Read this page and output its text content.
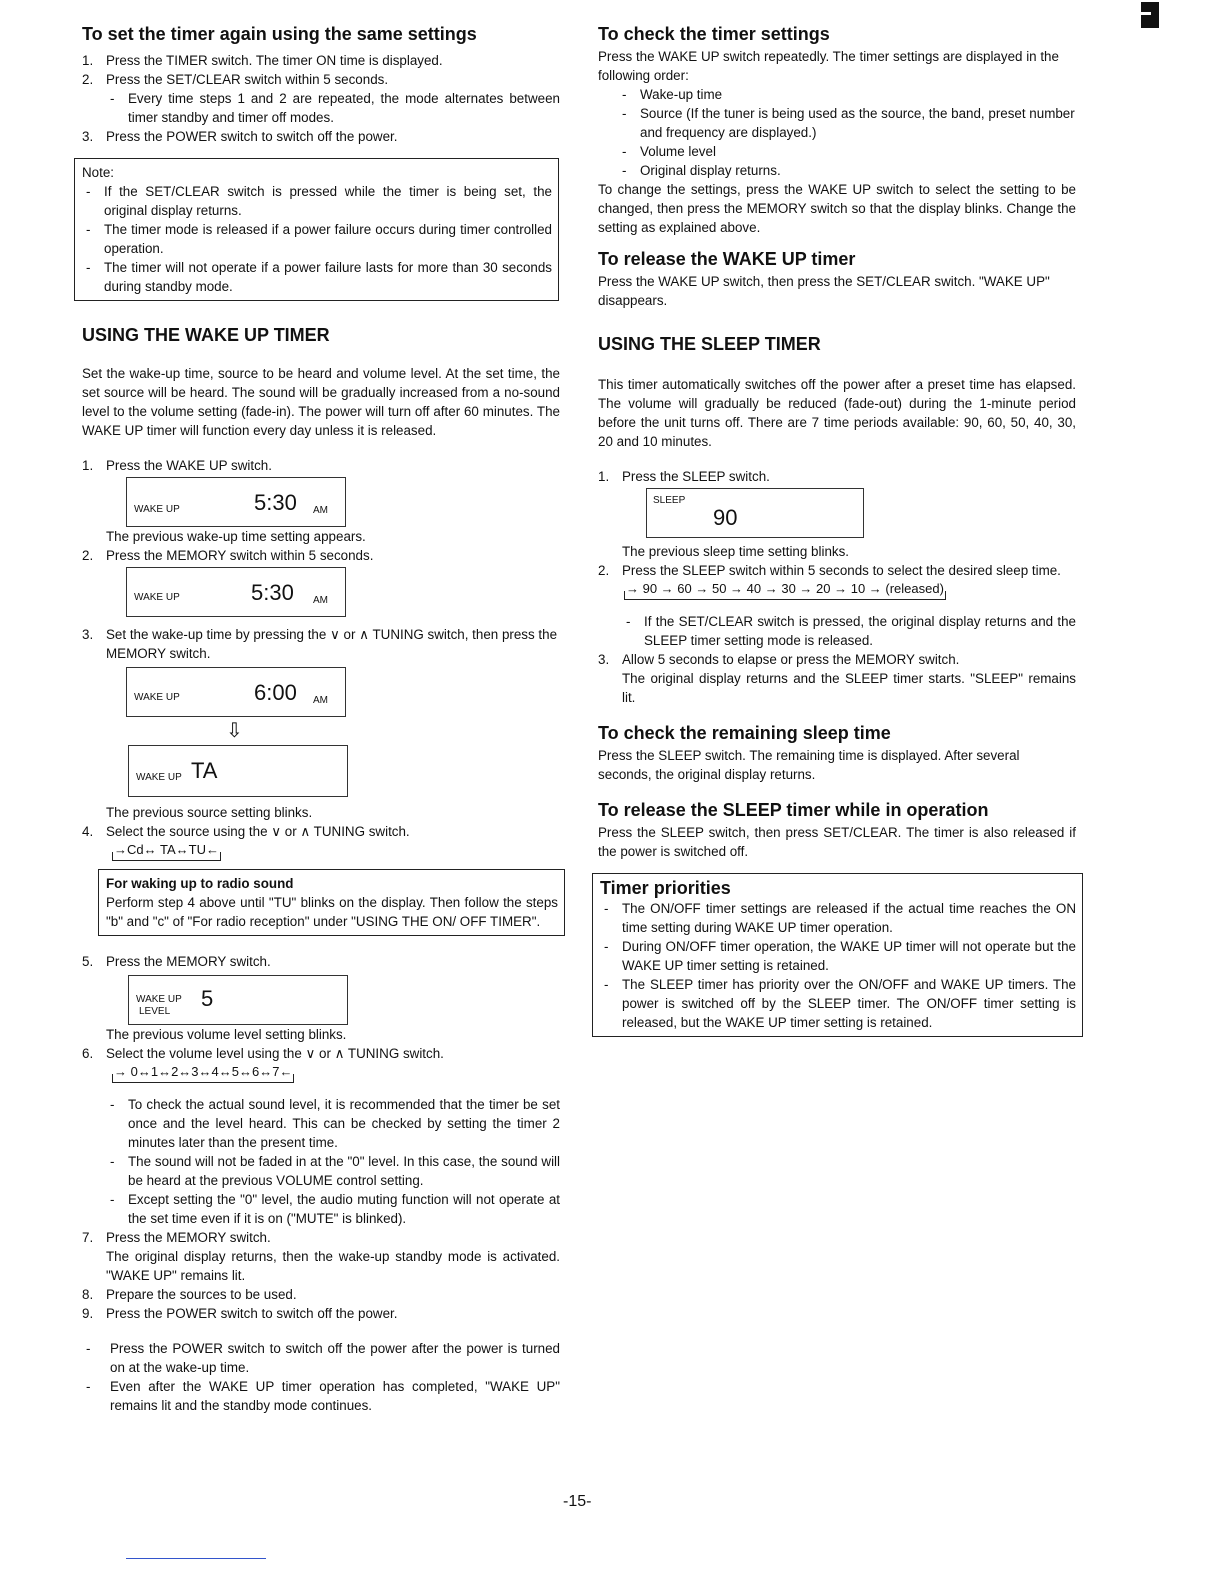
To set the timer again using the same settings
1. Press the TIMER switch. The timer ON time is displayed.
2. Press the SET/CLEAR switch within 5 seconds.
- Every time steps 1 and 2 are repeated, the mode alternates between timer standby and timer off modes.
3. Press the POWER switch to switch off the power.

Note:

- If the SET/CLEAR switch is pressed while the timer is being set, the original display returns.
- The timer mode is released if a power failure occurs during timer controlled operation.
- The timer will not operate if a power failure lasts for more than 30 seconds during standby mode.
USING THE WAKE UP TIMER

Set the wake-up time, source to be heard and volume level. At the set time, the set source will be heard. The sound will be gradually increased from a no-sound level to the volume setting (fade-in). The power will turn off after 60 minutes. The WAKE UP timer will function every day unless it is released.

1. Press the WAKE UP switch.
WAKE UP	5:30 AM

The previous wake-up time setting appears.

2. Press the MEMORY switch within 5 seconds.
WAKE UP	5:30 AM
3. Set the wake-up time by pressing the ∨ or ∧ TUNING switch, then press the MEMORY switch.
WAKE UP	6:00 AM
⇩
WAKE UP TA

The previous source setting blinks.

4. Select the source using the ∨ or ∧ TUNING switch.
→Cd↔ TA↔TU←

For waking up to radio sound

Perform step 4 above until "TU" blinks on the display. Then follow the steps "b" and "c" of "For radio reception" under "USING THE ON/ OFF TIMER".

5. Press the MEMORY switch.
WAKE UP
LEVEL
5

The previous volume level setting blinks.

6. Select the volume level using the ∨ or ∧ TUNING switch.
→ 0↔1↔2↔3↔4↔5↔6↔7←
- To check the actual sound level, it is recommended that the timer be set once and the level heard. This can be checked by setting the timer 2 minutes later than the present time.
- The sound will not be faded in at the "0" level. In this case, the sound will be heard at the previous VOLUME control setting.
- Except setting the "0" level, the audio muting function will not operate at the set time even if it is on ("MUTE" is blinked).
7. Press the MEMORY switch.
The original display returns, then the wake-up standby mode is activated. "WAKE UP" remains lit.
8. Prepare the sources to be used.
9. Press the POWER switch to switch off the power.
- Press the POWER switch to switch off the power after the power is turned on at the wake-up time.
- Even after the WAKE UP timer operation has completed, "WAKE UP" remains lit and the standby mode continues.
To check the timer settings

Press the WAKE UP switch repeatedly. The timer settings are displayed in the following order:

- Wake-up time
- Source (If the tuner is being used as the source, the band, preset number and frequency are displayed.)
- Volume level
- Original display returns.

To change the settings, press the WAKE UP switch to select the setting to be changed, then press the MEMORY switch so that the display blinks. Change the setting as explained above.

To release the WAKE UP timer

Press the WAKE UP switch, then press the SET/CLEAR switch. "WAKE UP" disappears.

USING THE SLEEP TIMER

This timer automatically switches off the power after a preset time has elapsed. The volume will gradually be reduced (fade-out) during the 1-minute period before the unit turns off. There are 7 time periods available: 90, 60, 50, 40, 30, 20 and 10 minutes.

1. Press the SLEEP switch.
SLEEP
90

The previous sleep time setting blinks.

2. Press the SLEEP switch within 5 seconds to select the desired sleep time.
→ 90 → 60 → 50 → 40 → 30 → 20 → 10 → (released)
- If the SET/CLEAR switch is pressed, the original display returns and the SLEEP timer setting mode is released.
3. Allow 5 seconds to elapse or press the MEMORY switch.
The original display returns and the SLEEP timer starts. "SLEEP" remains lit.
To check the remaining sleep time

Press the SLEEP switch. The remaining time is displayed. After several seconds, the original display returns.

To release the SLEEP timer while in operation

Press the SLEEP switch, then press SET/CLEAR. The timer is also released if the power is switched off.

Timer priorities
- The ON/OFF timer settings are released if the actual time reaches the ON time setting during WAKE UP timer operation.
- During ON/OFF timer operation, the WAKE UP timer will not operate but the WAKE UP timer setting is retained.
- The SLEEP timer has priority over the ON/OFF and WAKE UP timers. The power is switched off by the SLEEP timer. The ON/OFF timer setting is released, but the WAKE UP timer setting is retained.
-15-
